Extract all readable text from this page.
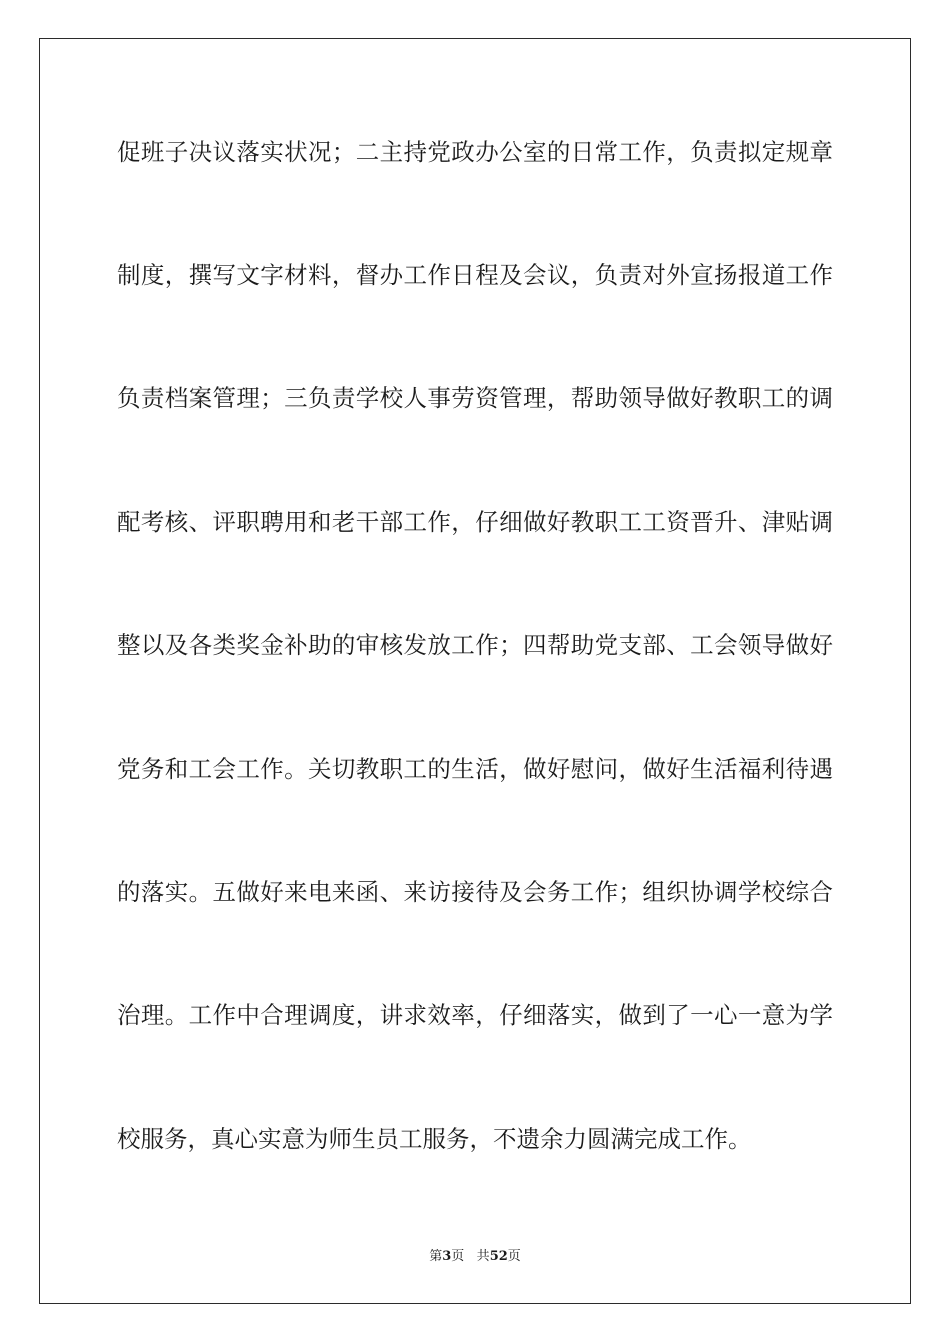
促班子决议落实状况；二主持党政办公室的日常工作，负责拟定规章
制度，撰写文字材料，督办工作日程及会议，负责对外宣扬报道工作
负责档案管理；三负责学校人事劳资管理，帮助领导做好教职工的调
配考核、评职聘用和老干部工作，仔细做好教职工工资晋升、津贴调
整以及各类奖金补助的审核发放工作；四帮助党支部、工会领导做好
党务和工会工作。关切教职工的生活，做好慰问，做好生活福利待遇
的落实。五做好来电来函、来访接待及会务工作；组织协调学校综合
治理。工作中合理调度，讲求效率，仔细落实，做到了一心一意为学
校服务，真心实意为师生员工服务，不遗余力圆满完成工作。
第3页 共52页
